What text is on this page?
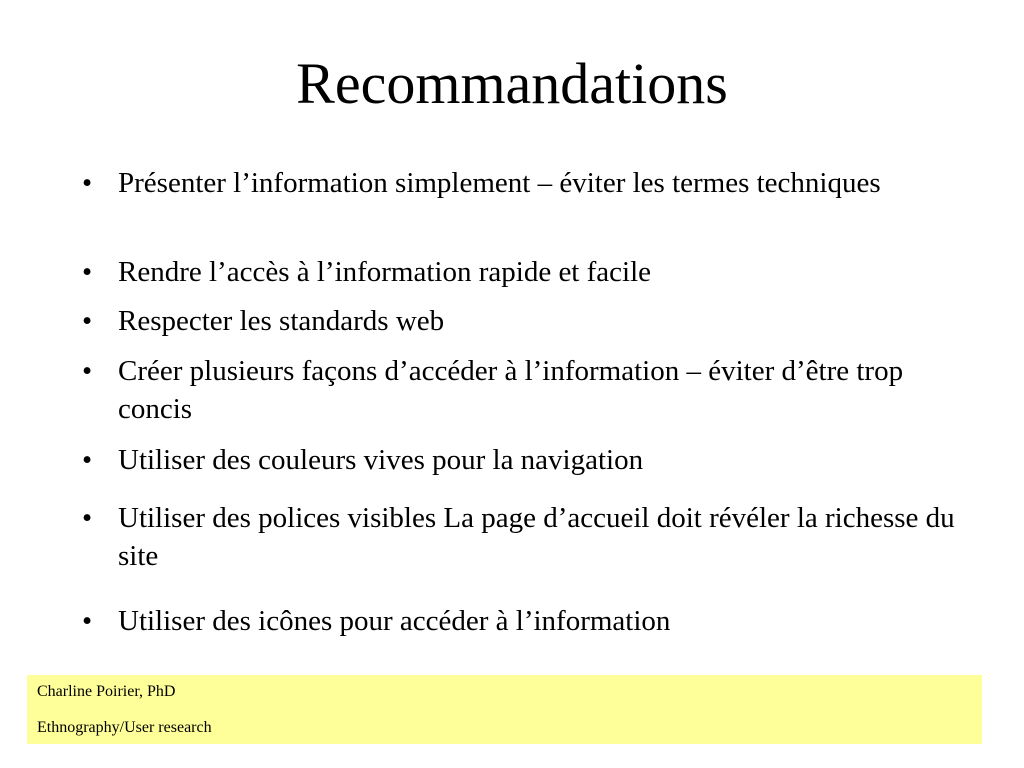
Recommandations
• Présenter l’information simplement – éviter les termes techniques
• Rendre l’accès à l’information rapide et facile
• Respecter les standards web
• Créer plusieurs façons d’accéder à l’information – éviter d’être trop concis
• Utiliser des couleurs vives pour la navigation
• Utiliser des polices visibles La page d’accueil doit révéler la richesse du site
• Utiliser des icônes pour accéder à l’information
Charline Poirier, PhD
Ethnography/User research
